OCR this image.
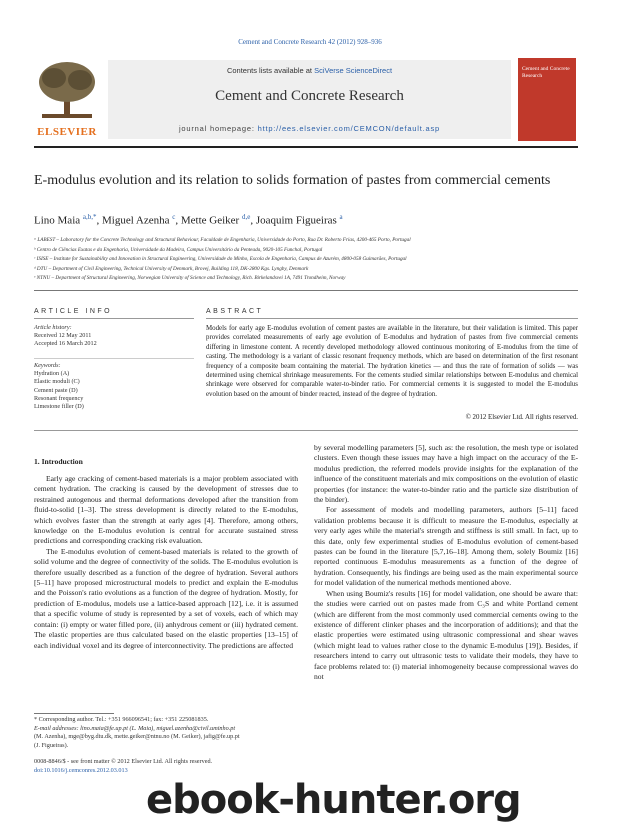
Cement and Concrete Research 42 (2012) 928–936
ELSEVIER
Contents lists available at SciVerse ScienceDirect
Cement and Concrete Research
journal homepage: http://ees.elsevier.com/CEMCON/default.asp
Cement and Concrete Research
E-modulus evolution and its relation to solids formation of pastes from commercial cements
Lino Maia $^{a,b,*}$, Miguel Azenha $^c$, Mette Geiker $^{d,e}$, Joaquim Figueiras $^a$
ᵃ LABEST – Laboratory for the Concrete Technology and Structural Behaviour, Faculdade de Engenharia, Universidade do Porto, Rua Dr. Roberto Frias, 4200-465 Porto, Portugal
ᵇ Centro de Ciências Exatas e da Engenharia, Universidade da Madeira, Campus Universitário da Penteada, 9020-105 Funchal, Portugal
ᶜ ISISE – Institute for Sustainability and Innovation in Structural Engineering, Universidade do Minho, Escola de Engenharia, Campus de Azurém, 4800-058 Guimarães, Portugal
ᵈ DTU – Department of Civil Engineering, Technical University of Denmark, Brovej, Building 118, DK-2800 Kgs. Lyngby, Denmark
ᵉ NTNU – Department of Structural Engineering, Norwegian University of Science and Technology, Rich. Birkelandsvei 1A, 7491 Trondheim, Norway
ARTICLE INFO
Article history:
Received 12 May 2011
Accepted 16 March 2012
Keywords:
Hydration (A)
Elastic moduli (C)
Cement paste (D)
Resonant frequency
Limestone filler (D)
ABSTRACT
Models for early age E-modulus evolution of cement pastes are available in the literature, but their validation is limited. This paper provides correlated measurements of early age evolution of E-modulus and hydration of pastes from five commercial cements differing in limestone content. A recently developed methodology allowed continuous monitoring of E-modulus from the time of casting. The methodology is a variant of classic resonant frequency methods, which are based on determination of the first resonant frequency of a composite beam containing the material. The hydration kinetics — and thus the rate of formation of solids — was determined using chemical shrinkage measurements. For the cements studied similar relationships between E-modulus and chemical shrinkage were observed for comparable water-to-binder ratio. For commercial cements it is suggested to model the E-modulus evolution based on the amount of binder reacted, instead of the degree of hydration.
© 2012 Elsevier Ltd. All rights reserved.
1. Introduction

Early age cracking of cement-based materials is a major problem associated with cement hydration. The cracking is caused by the development of stresses due to restrained autogenous and thermal deformations developed after the transition from fluid-to-solid [1–3]. The stress development is directly related to the E-modulus, which evolves faster than the strength at early ages [4]. Therefore, among others, knowledge on the E-modulus evolution is central for accurate sustained stress predictions and corresponding cracking risk evaluation.

The E-modulus evolution of cement-based materials is related to the growth of solid volume and the degree of connectivity of the solids. The E-modulus evolution is therefore usually described as a function of the degree of hydration. Several authors [5–11] have proposed microstructural models to predict and explain the E-modulus and the Poisson's ratio evolutions as a function of the degree of hydration. Mostly, for prediction of E-modulus, models use a lattice-based approach [12], i.e. it is assumed that a specific volume of study is represented by a set of voxels, each of which may contain: (i) empty or water filled pore, (ii) anhydrous cement or (iii) hydrated cement. The elastic properties are thus calculated based on the elastic properties [13–15] of each individual voxel and its degree of interconnectivity. The predictions are affected

by several modelling parameters [5], such as: the resolution, the mesh type or isolated clusters. Even though these issues may have a high impact on the accuracy of the E-modulus prediction, the referred models provide insights for the explanation of the influence of the constituent materials and mix compositions on the evolution of elastic properties (for instance: the water-to-binder ratio and the particle size distribution of the binder).

For assessment of models and modelling parameters, authors [5–11] faced validation problems because it is difficult to measure the E-modulus, especially at very early ages while the material's strength and stiffness is still small. In fact, up to this date, only few experimental studies of E-modulus evolution of cement-based pastes can be found in the literature [5,7,16–18]. Among them, solely Boumiz [16] reported continuous E-modulus measurements as a function of the degree of hydration. Consequently, his findings are being used as the main experimental source for model validation of the numerical methods mentioned above.

When using Boumiz's results [16] for model validation, one should be aware that: the studies were carried out on pastes made from C₃S and white Portland cement (which are different from the most commonly used commercial cements owing to the existence of different clinker phases and the incorporation of additions); and that the elastic properties were estimated using ultrasonic compressional and shear waves (which might lead to values rather close to the dynamic E-modulus [19]). Besides, if researchers intend to carry out ultrasonic tests to validate their models, they have to face problems related to: (i) material inhomogeneity because compressional waves do not

* Corresponding author. Tel.: +351 966096541; fax: +351 225081835.
E-mail addresses: lino.maia@fe.up.pt (L. Maia), miguel.azenha@civil.uminho.pt
(M. Azenha), mge@byg.dtu.dk, mette.geiker@ntnu.no (M. Geiker), jafig@fe.up.pt
(J. Figueiras).
0008-8846/$ - see front matter © 2012 Elsevier Ltd. All rights reserved.
doi:10.1016/j.cemconres.2012.03.013
ebook-hunter.org
